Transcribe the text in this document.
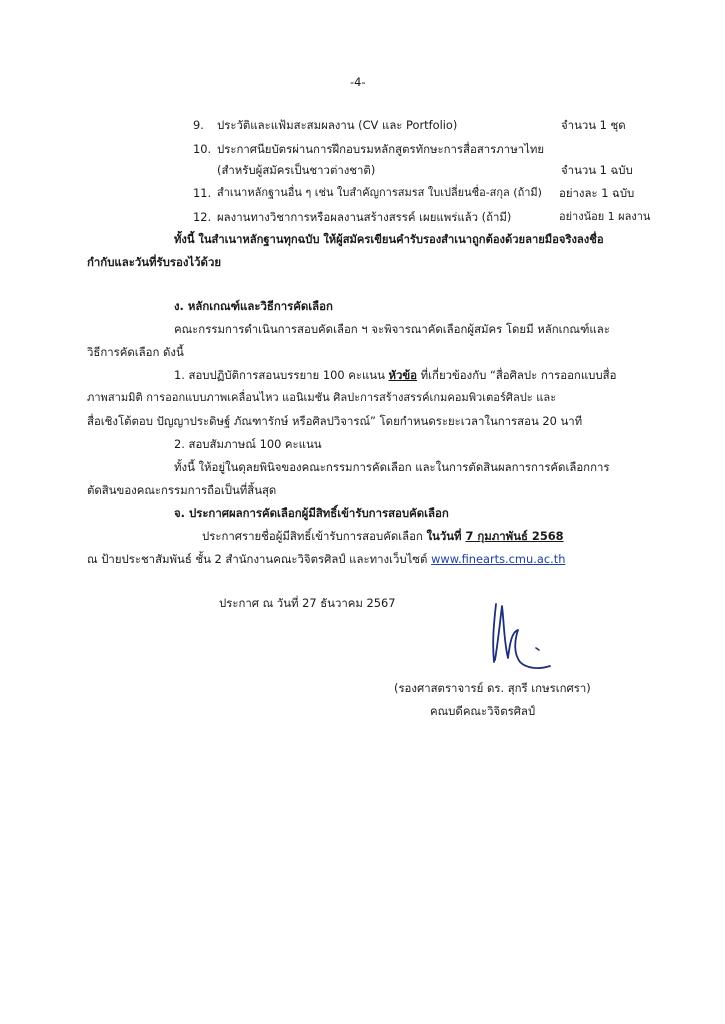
-4-
9. ประวัติและแฟ้มสะสมผลงาน (CV และ Portfolio)	จำนวน 1 ชุด
10. ประกาศนียบัตรผ่านการฝึกอบรมหลักสูตรทักษะการสื่อสารภาษาไทย
(สำหรับผู้สมัครเป็นชาวต่างชาติ)	จำนวน 1 ฉบับ
11. สำเนาหลักฐานอื่น ๆ เช่น ใบสำคัญการสมรส ใบเปลี่ยนชื่อ-สกุล (ถ้ามี) อย่างละ 1 ฉบับ
12. ผลงานทางวิชาการหรือผลงานสร้างสรรค์ เผยแพร่แล้ว (ถ้ามี)	อย่างน้อย 1 ผลงาน
ทั้งนี้ ในสำเนาหลักฐานทุกฉบับ ให้ผู้สมัครเขียนคำรับรองสำเนาถูกต้องด้วยลายมือจริงลงชื่อ
กำกับและวันที่รับรองไว้ด้วย
ง. หลักเกณฑ์และวิธีการคัดเลือก
คณะกรรมการดำเนินการสอบคัดเลือก ฯ จะพิจารณาคัดเลือกผู้สมัคร โดยมี หลักเกณฑ์และ
วิธีการคัดเลือก ดังนี้
1. สอบปฏิบัติการสอนบรรยาย 100 คะแนน หัวข้อ ที่เกี่ยวข้องกับ “สื่อศิลปะ การออกแบบสื่อ
ภาพสามมิติ การออกแบบภาพเคลื่อนไหว แอนิเมชัน ศิลปะการสร้างสรรค์เกมคอมพิวเตอร์ศิลปะ และ
สื่อเชิงโต้ตอบ ปัญญาประดิษฐ์ ภัณฑารักษ์ หรือศิลปวิจารณ์” โดยกำหนดระยะเวลาในการสอน 20 นาที
2. สอบสัมภาษณ์ 100 คะแนน
ทั้งนี้ ให้อยู่ในดุลยพินิจของคณะกรรมการคัดเลือก และในการตัดสินผลการการคัดเลือกการ
ตัดสินของคณะกรรมการถือเป็นที่สิ้นสุด
จ. ประกาศผลการคัดเลือกผู้มีสิทธิ์เข้ารับการสอบคัดเลือก
ประกาศรายชื่อผู้มีสิทธิ์เข้ารับการสอบคัดเลือก ในวันที่ 7 กุมภาพันธ์ 2568
ณ ป้ายประชาสัมพันธ์ ชั้น 2 สำนักงานคณะวิจิตรศิลป์ และทางเว็บไซต์ www.finearts.cmu.ac.th
ประกาศ ณ วันที่ 27 ธันวาคม 2567
(รองศาสตราจารย์ ดร. สุกรี เกษรเกศรา)
คณบดีคณะวิจิตรศิลป์
